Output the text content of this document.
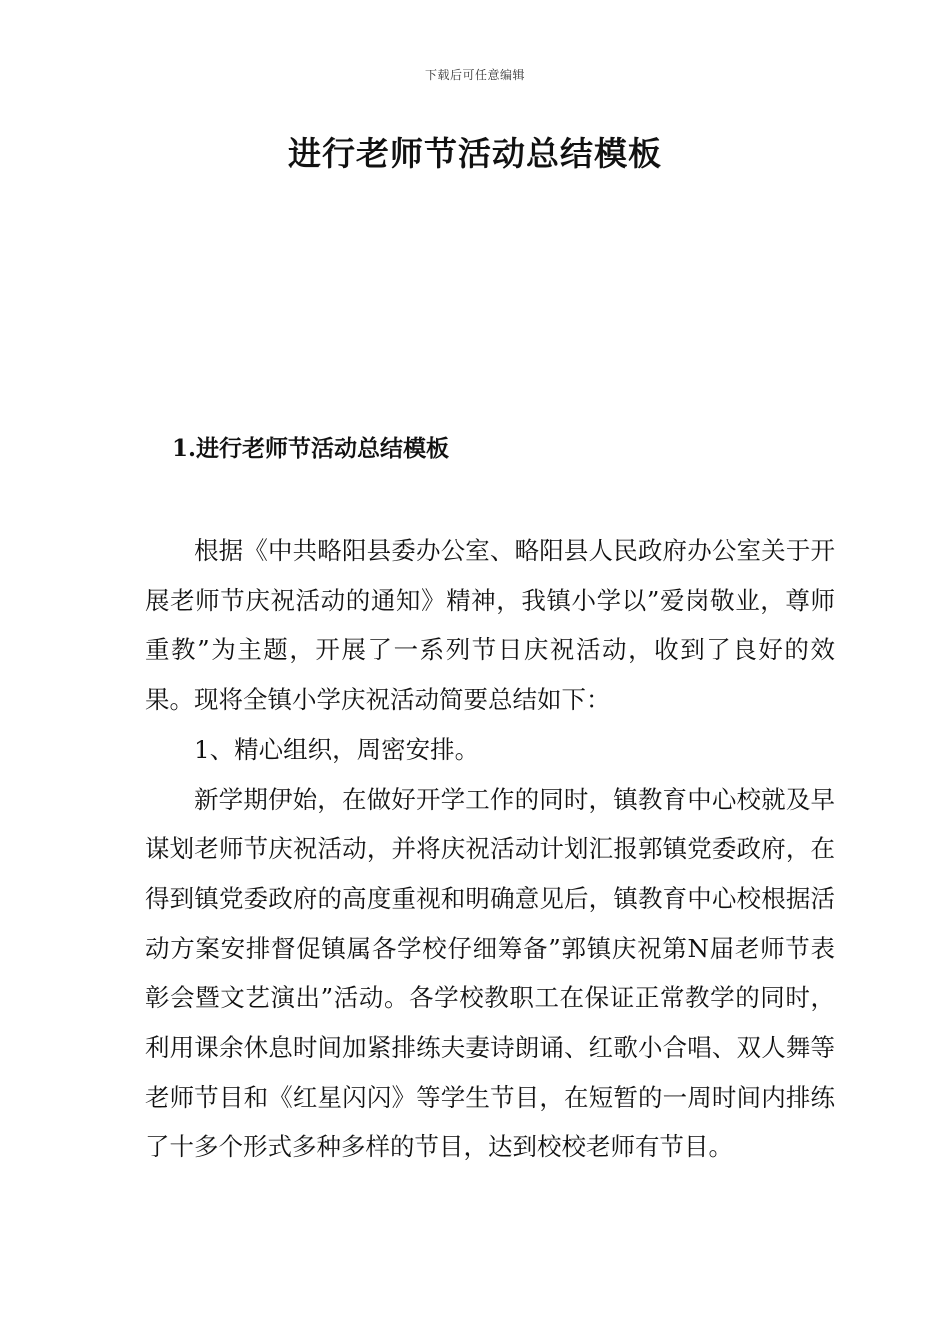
下载后可任意编辑
进行老师节活动总结模板
1.进行老师节活动总结模板

根据《中共略阳县委办公室、略阳县人民政府办公室关于开展老师节庆祝活动的通知》精神，我镇小学以”爱岗敬业，尊师重教”为主题，开展了一系列节日庆祝活动，收到了良好的效果。现将全镇小学庆祝活动简要总结如下：

1、精心组织，周密安排。

新学期伊始，在做好开学工作的同时，镇教育中心校就及早谋划老师节庆祝活动，并将庆祝活动计划汇报郭镇党委政府，在得到镇党委政府的高度重视和明确意见后，镇教育中心校根据活动方案安排督促镇属各学校仔细筹备”郭镇庆祝第N届老师节表彰会暨文艺演出”活动。各学校教职工在保证正常教学的同时，利用课余休息时间加紧排练夫妻诗朗诵、红歌小合唱、双人舞等老师节目和《红星闪闪》等学生节目，在短暂的一周时间内排练了十多个形式多种多样的节目，达到校校老师有节目。
